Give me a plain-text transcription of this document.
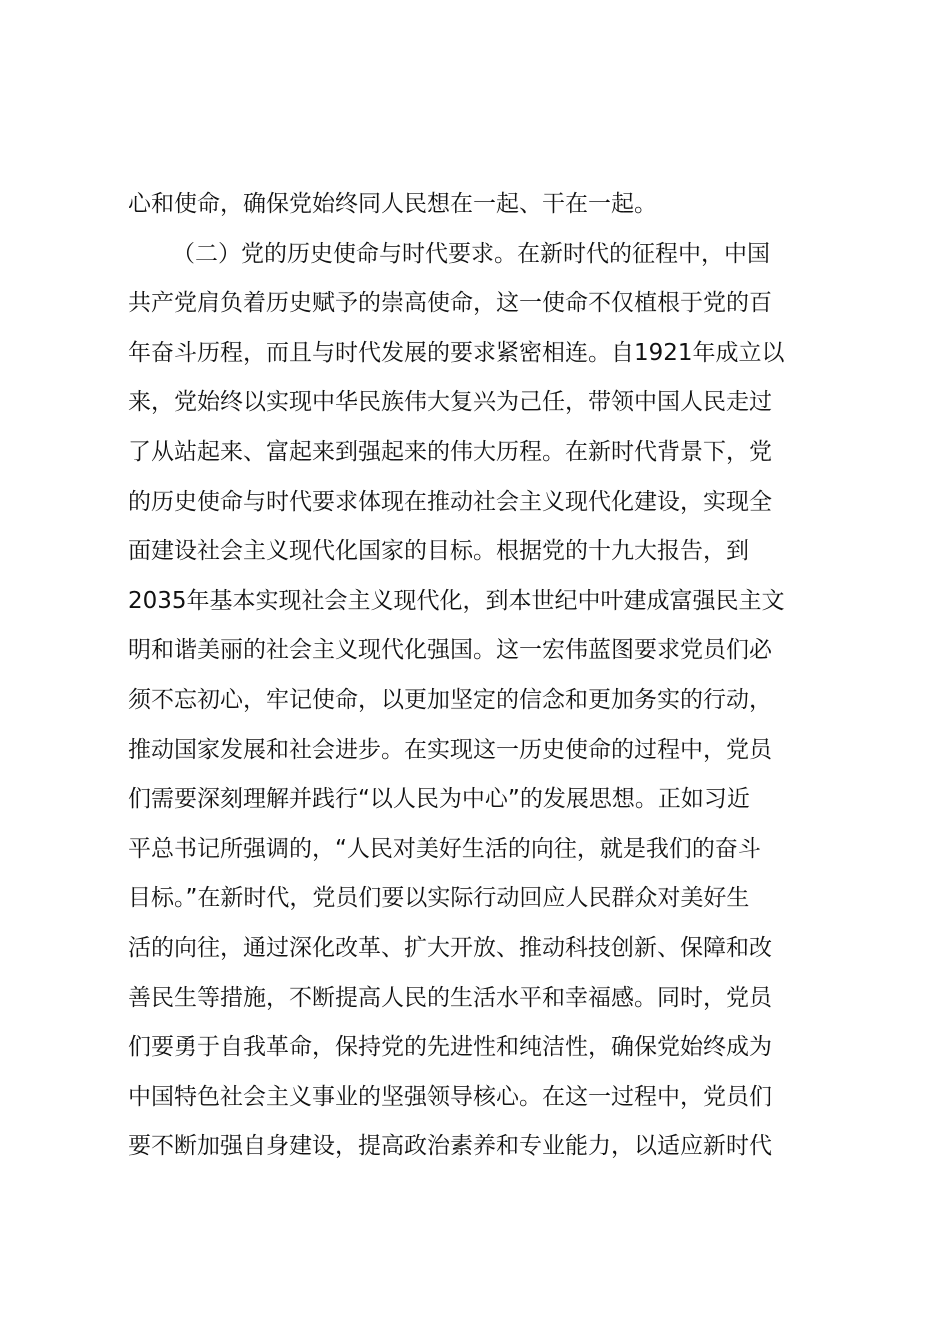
心和使命，确保党始终同人民想在一起、干在一起。
（二）党的历史使命与时代要求。在新时代的征程中，中国
共产党肩负着历史赋予的崇高使命，这一使命不仅植根于党的百
年奋斗历程，而且与时代发展的要求紧密相连。自1921年成立以
来，党始终以实现中华民族伟大复兴为己任，带领中国人民走过
了从站起来、富起来到强起来的伟大历程。在新时代背景下，党
的历史使命与时代要求体现在推动社会主义现代化建设，实现全
面建设社会主义现代化国家的目标。根据党的十九大报告，到
2035年基本实现社会主义现代化，到本世纪中叶建成富强民主文
明和谐美丽的社会主义现代化强国。这一宏伟蓝图要求党员们必
须不忘初心，牢记使命，以更加坚定的信念和更加务实的行动，
推动国家发展和社会进步。在实现这一历史使命的过程中，党员
们需要深刻理解并践行“以人民为中心”的发展思想。正如习近
平总书记所强调的，“人民对美好生活的向往，就是我们的奋斗
目标。”在新时代，党员们要以实际行动回应人民群众对美好生
活的向往，通过深化改革、扩大开放、推动科技创新、保障和改
善民生等措施，不断提高人民的生活水平和幸福感。同时，党员
们要勇于自我革命，保持党的先进性和纯洁性，确保党始终成为
中国特色社会主义事业的坚强领导核心。在这一过程中，党员们
要不断加强自身建设，提高政治素养和专业能力，以适应新时代
